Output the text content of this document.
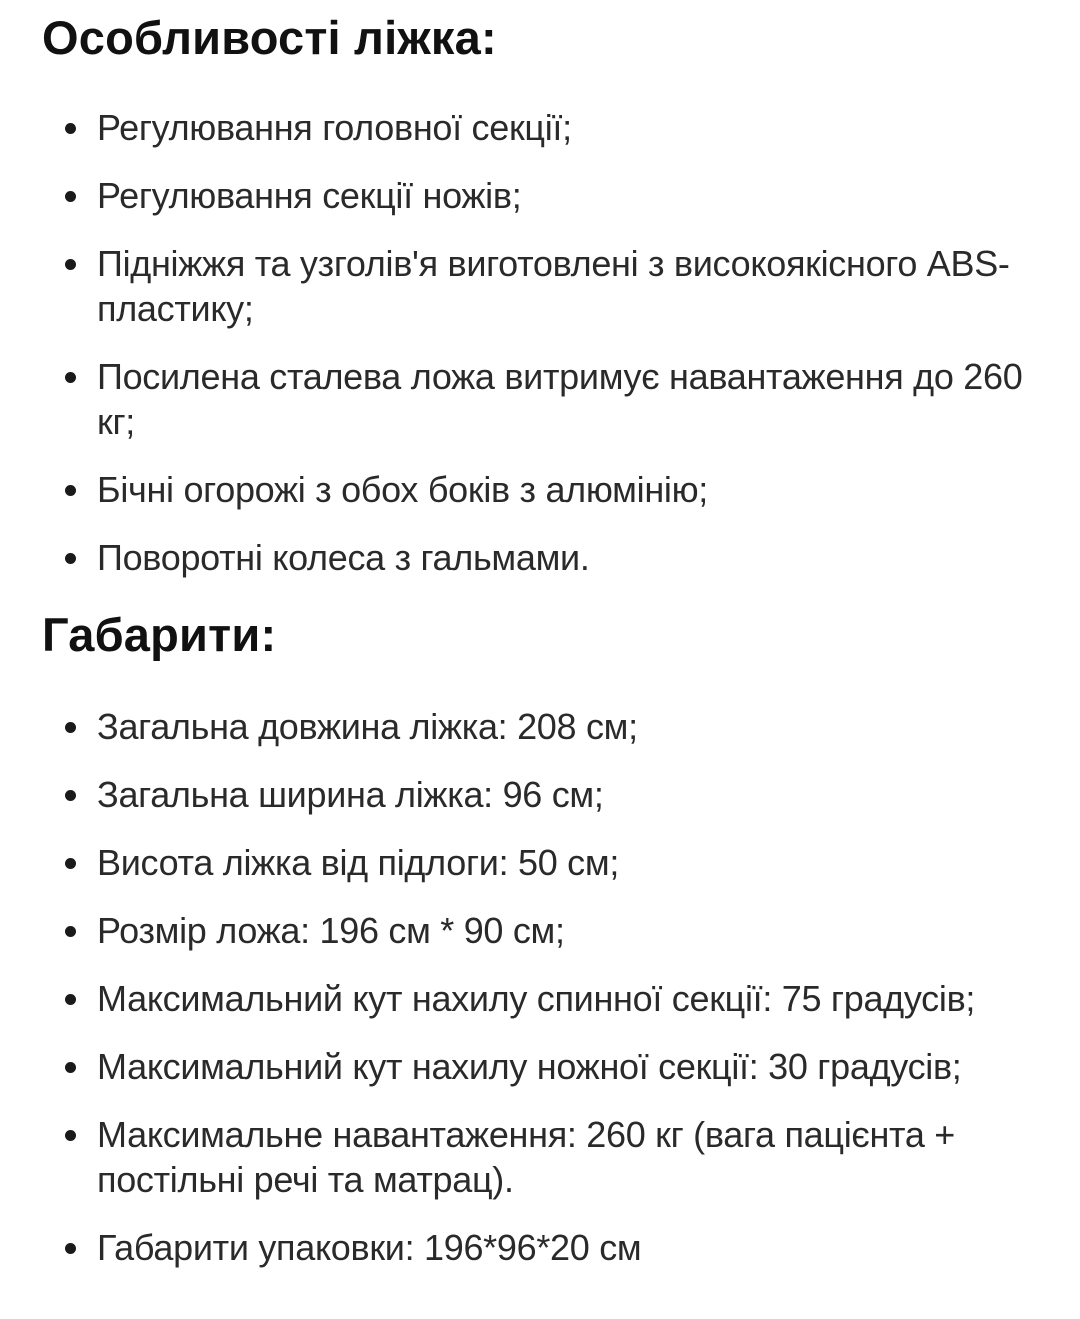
Особливості ліжка:
Регулювання головної секції;
Регулювання секції ножів;
Підніжжя та узголів'я виготовлені з високоякісного ABS-пластику;
Посилена сталева ложа витримує навантаження до 260 кг;
Бічні огорожі з обох боків з алюмінію;
Поворотні колеса з гальмами.
Габарити:
Загальна довжина ліжка: 208 см;
Загальна ширина ліжка: 96 см;
Висота ліжка від підлоги: 50 см;
Розмір ложа: 196 см * 90 см;
Максимальний кут нахилу спинної секції: 75 градусів;
Максимальний кут нахилу ножної секції: 30 градусів;
Максимальне навантаження: 260 кг (вага пацієнта + постільні речі та матрац).
Габарити упаковки: 196*96*20 см
